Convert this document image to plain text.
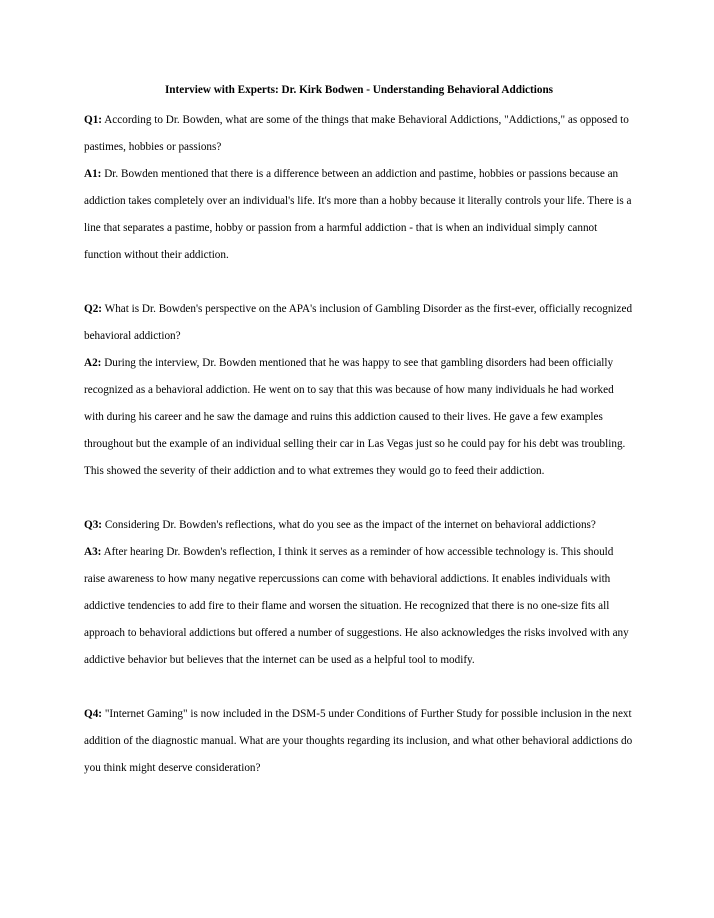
Interview with Experts: Dr. Kirk Bodwen - Understanding Behavioral Addictions

Q1: According to Dr. Bowden, what are some of the things that make Behavioral Addictions, "Addictions," as opposed to pastimes, hobbies or passions?

A1: Dr. Bowden mentioned that there is a difference between an addiction and pastime, hobbies or passions because an addiction takes completely over an individual's life. It's more than a hobby because it literally controls your life. There is a line that separates a pastime, hobby or passion from a harmful addiction - that is when an individual simply cannot function without their addiction.

Q2: What is Dr. Bowden's perspective on the APA's inclusion of Gambling Disorder as the first-ever, officially recognized behavioral addiction?

A2: During the interview, Dr. Bowden mentioned that he was happy to see that gambling disorders had been officially recognized as a behavioral addiction. He went on to say that this was because of how many individuals he had worked with during his career and he saw the damage and ruins this addiction caused to their lives. He gave a few examples throughout but the example of an individual selling their car in Las Vegas just so he could pay for his debt was troubling. This showed the severity of their addiction and to what extremes they would go to feed their addiction.

Q3: Considering Dr. Bowden's reflections, what do you see as the impact of the internet on behavioral addictions?

A3: After hearing Dr. Bowden's reflection, I think it serves as a reminder of how accessible technology is. This should raise awareness to how many negative repercussions can come with behavioral addictions. It enables individuals with addictive tendencies to add fire to their flame and worsen the situation. He recognized that there is no one-size fits all approach to behavioral addictions but offered a number of suggestions. He also acknowledges the risks involved with any addictive behavior but believes that the internet can be used as a helpful tool to modify.

Q4: "Internet Gaming" is now included in the DSM-5 under Conditions of Further Study for possible inclusion in the next addition of the diagnostic manual. What are your thoughts regarding its inclusion, and what other behavioral addictions do you think might deserve consideration?
